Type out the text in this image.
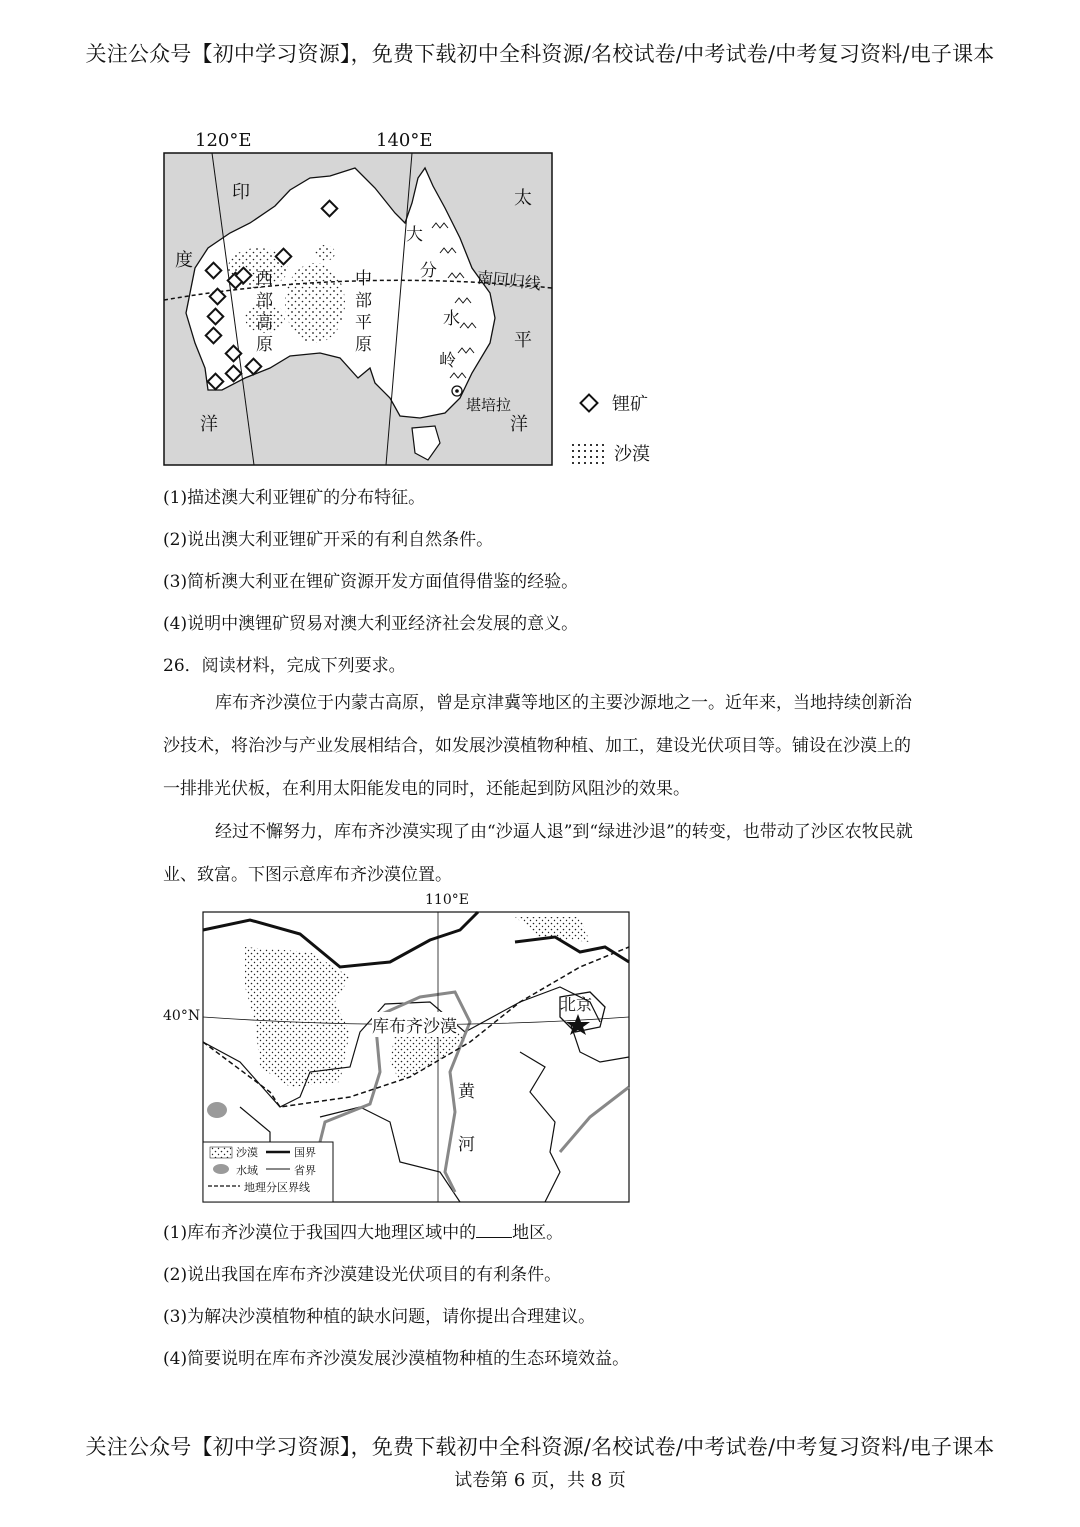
关注公众号【初中学习资源】，免费下载初中全科资源/名校试卷/中考试卷/中考复习资料/电子课本
120°E	140°E
印
度
洋
太
平
洋
西
部
高
原
中
部
平
原
大
分
水
岭
南回归线
堪培拉	锂矿
沙漠
(1)描述澳大利亚锂矿的分布特征。
(2)说出澳大利亚锂矿开采的有利自然条件。
(3)简析澳大利亚在锂矿资源开发方面值得借鉴的经验。
(4)说明中澳锂矿贸易对澳大利亚经济社会发展的意义。
26．阅读材料，完成下列要求。
库布齐沙漠位于内蒙古高原，曾是京津冀等地区的主要沙源地之一。近年来，当地持续创新治沙技术，将治沙与产业发展相结合，如发展沙漠植物种植、加工，建设光伏项目等。铺设在沙漠上的一排排光伏板，在利用太阳能发电的同时，还能起到防风阻沙的效果。
经过不懈努力，库布齐沙漠实现了由“沙逼人退”到“绿进沙退”的转变，也带动了沙区农牧民就业、致富。下图示意库布齐沙漠位置。
110°E
40°N
库布齐沙漠
北京
黄
河
沙漠
水域
国界
省界
地理分区界线
(1)库布齐沙漠位于我国四大地理区域中的 地区。
(2)说出我国在库布齐沙漠建设光伏项目的有利条件。
(3)为解决沙漠植物种植的缺水问题，请你提出合理建议。
(4)简要说明在库布齐沙漠发展沙漠植物种植的生态环境效益。
关注公众号【初中学习资源】，免费下载初中全科资源/名校试卷/中考试卷/中考复习资料/电子课本
试卷第 6 页，共 8 页
